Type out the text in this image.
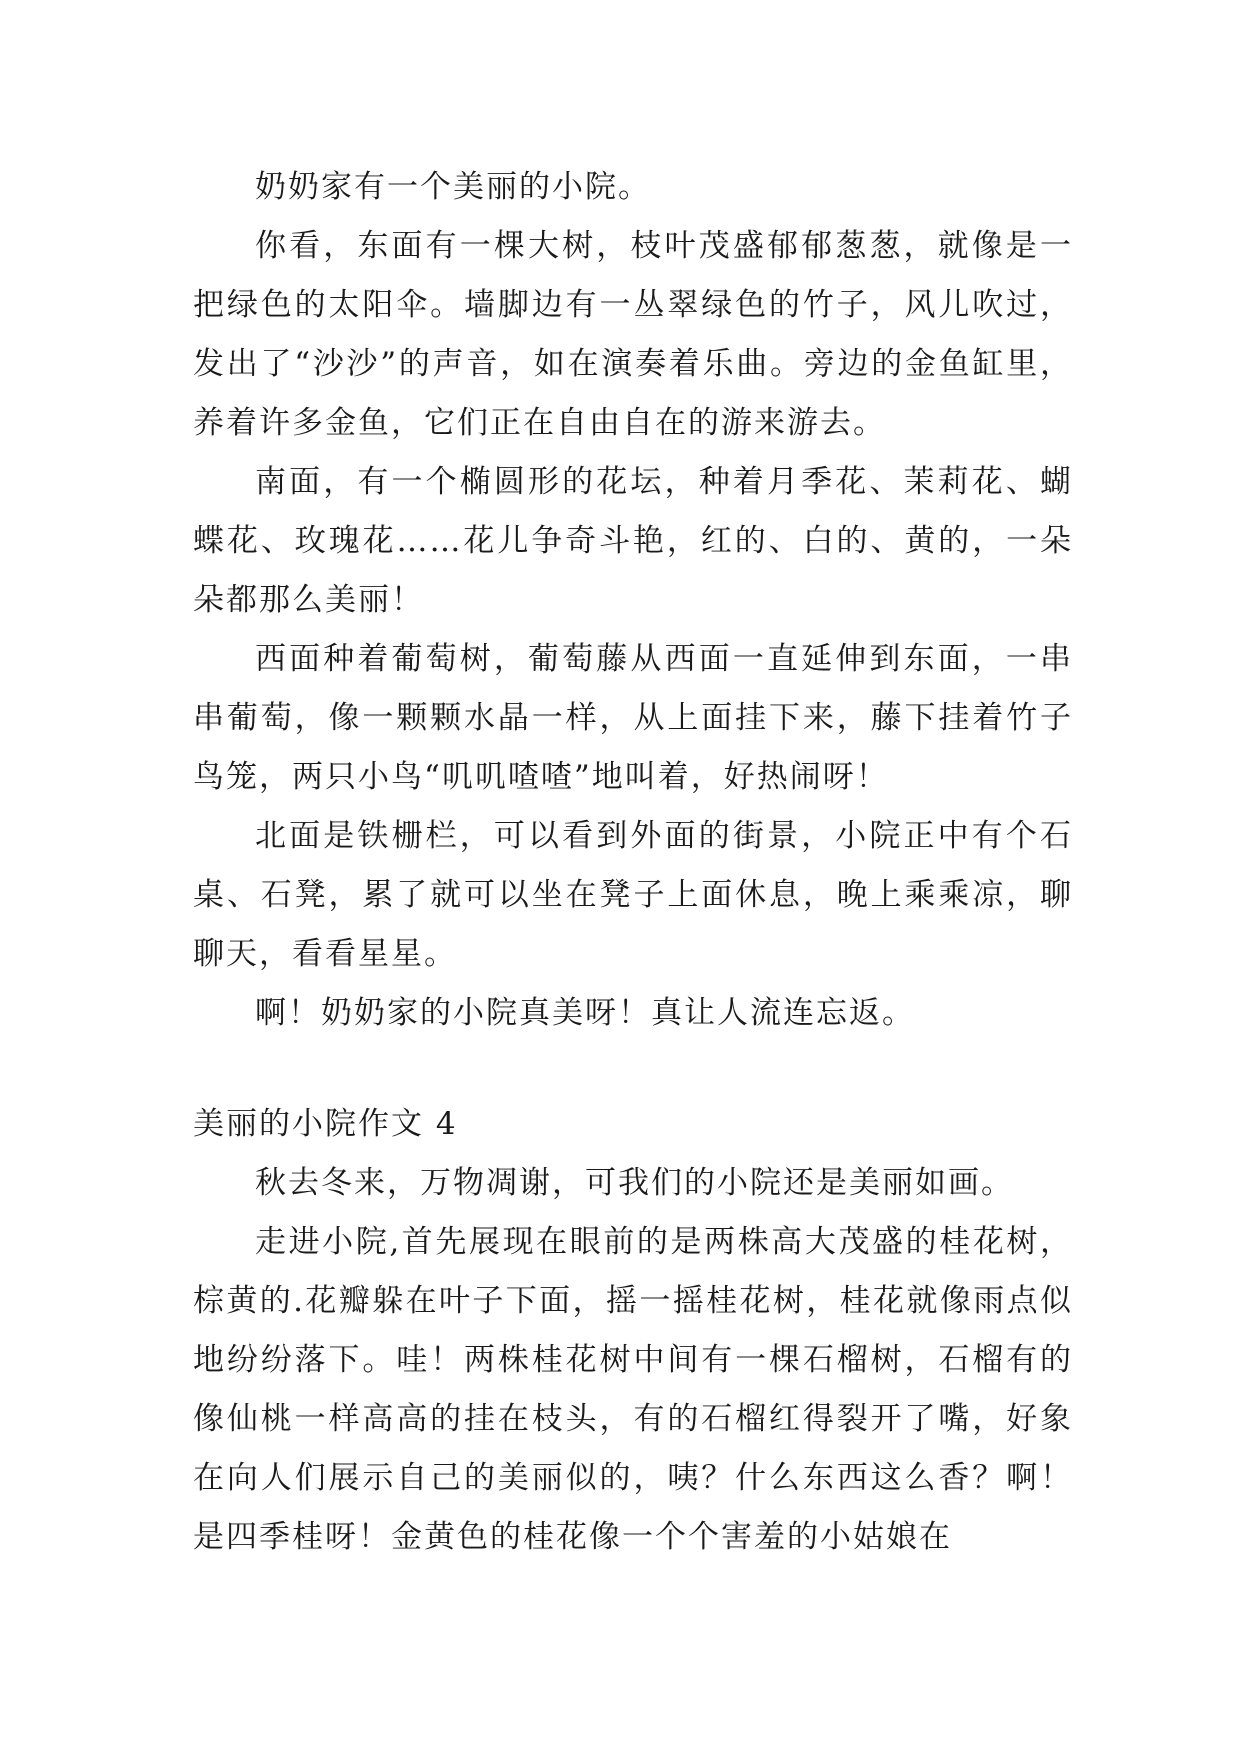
奶奶家有一个美丽的小院。

你看，东面有一棵大树，枝叶茂盛郁郁葱葱，就像是一把绿色的太阳伞。墙脚边有一丛翠绿色的竹子，风儿吹过，发出了“沙沙”的声音，如在演奏着乐曲。旁边的金鱼缸里，养着许多金鱼，它们正在自由自在的游来游去。

南面，有一个椭圆形的花坛，种着月季花、茉莉花、蝴蝶花、玫瑰花……花儿争奇斗艳，红的、白的、黄的，一朵朵都那么美丽！

西面种着葡萄树，葡萄藤从西面一直延伸到东面，一串串葡萄，像一颗颗水晶一样，从上面挂下来，藤下挂着竹子鸟笼，两只小鸟“叽叽喳喳”地叫着，好热闹呀！

北面是铁栅栏，可以看到外面的街景，小院正中有个石桌、石凳，累了就可以坐在凳子上面休息，晚上乘乘凉，聊聊天，看看星星。

啊！奶奶家的小院真美呀！真让人流连忘返。

美丽的小院作文 4

秋去冬来，万物凋谢，可我们的小院还是美丽如画。

走进小院,首先展现在眼前的是两株高大茂盛的桂花树，棕黄的.花瓣躲在叶子下面，摇一摇桂花树，桂花就像雨点似地纷纷落下。哇！两株桂花树中间有一棵石榴树，石榴有的像仙桃一样高高的挂在枝头，有的石榴红得裂开了嘴，好象在向人们展示自己的美丽似的，咦？什么东西这么香？啊！是四季桂呀！金黄色的桂花像一个个害羞的小姑娘在
